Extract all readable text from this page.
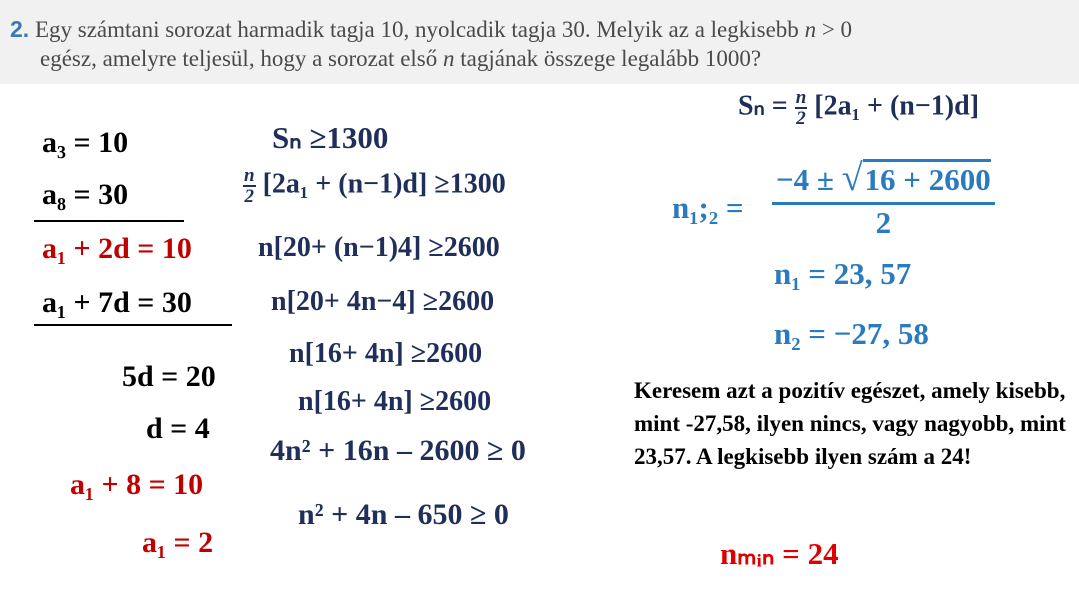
2. Egy számtani sorozat harmadik tagja 10, nyolcadik tagja 30. Melyik az a legkisebb n > 0
egész, amelyre teljesül, hogy a sorozat első n tagjának összege legalább 1000?
a₃ = 10
a₈ = 30
a₁ + 2d = 10
a₁ + 7d = 30
5d = 20
d = 4
a₁ + 8 = 10
a₁ = 2
Sₙ ≥1300
$\frac{n}{2} [2a_1 + (n-1)d] \ge 1300$
n[20+ (n−1)4] ≥2600
n[20+ 4n−4] ≥2600
n[16+ 4n] ≥2600
n[16+ 4n] ≥2600
4n² + 16n – 2600 ≥ 0
n² + 4n – 650 ≥ 0
$S_n = \frac{n}{2} [2a_1 + (n-1)d]$
n₁;₂ = $\frac{-4 \pm √16 + 2600}{2}$
n₁ = 23, 57
n₂ = −27, 58
Keresem azt a pozitív egészet, amely kisebb, mint -27,58, ilyen nincs, vagy nagyobb, mint 23,57. A legkisebb ilyen szám a 24!
nₘᵢₙ = 24
